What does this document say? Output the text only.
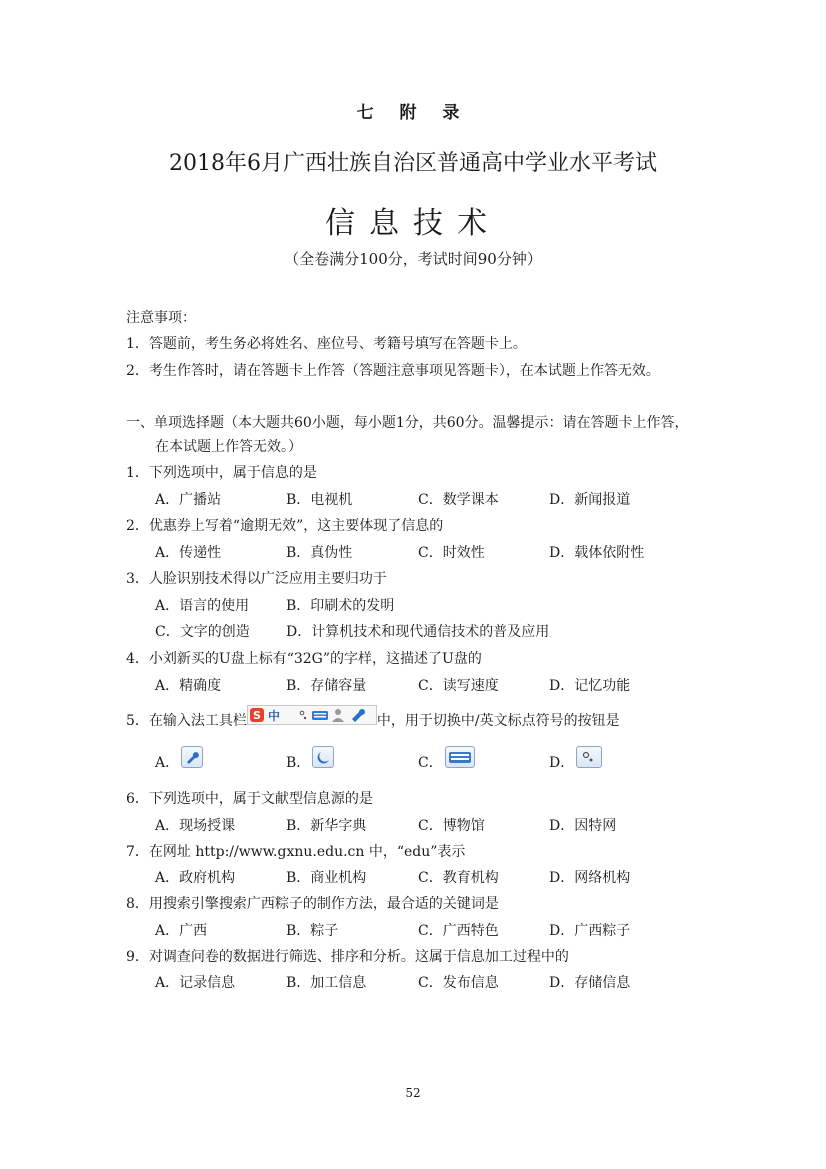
七 附 录
2018年6月广西壮族自治区普通高中学业水平考试
信息技术
（全卷满分100分，考试时间90分钟）
注意事项：
1．答题前，考生务必将姓名、座位号、考籍号填写在答题卡上。
2．考生作答时，请在答题卡上作答（答题注意事项见答题卡），在本试题上作答无效。
一、单项选择题（本大题共60小题，每小题1分，共60分。温馨提示：请在答题卡上作答，
在本试题上作答无效。）
1．下列选项中，属于信息的是
A．广播站	B．电视机	C．数学课本	D．新闻报道
2．优惠券上写着“逾期无效”，这主要体现了信息的
A．传递性	B．真伪性	C．时效性	D．载体依附性
3．人脸识别技术得以广泛应用主要归功于
A．语言的使用	B．印刷术的发明
C．文字的创造	D．计算机技术和现代通信技术的普及应用
4．小刘新买的U盘上标有“32G”的字样，这描述了U盘的
A．精确度	B．存储容量	C．读写速度	D．记忆功能
5．在输入法工具栏 S 中	中，用于切换中/英文标点符号的按钮是
A．	B．	C．	D．
6．下列选项中，属于文献型信息源的是
A．现场授课	B．新华字典	C．博物馆	D．因特网
7．在网址 http://www.gxnu.edu.cn 中，“edu”表示
A．政府机构	B．商业机构	C．教育机构	D．网络机构
8．用搜索引擎搜索广西粽子的制作方法，最合适的关键词是
A．广西	B．粽子	C．广西特色	D．广西粽子
9．对调查问卷的数据进行筛选、排序和分析。这属于信息加工过程中的
A．记录信息	B．加工信息	C．发布信息	D．存储信息
52
